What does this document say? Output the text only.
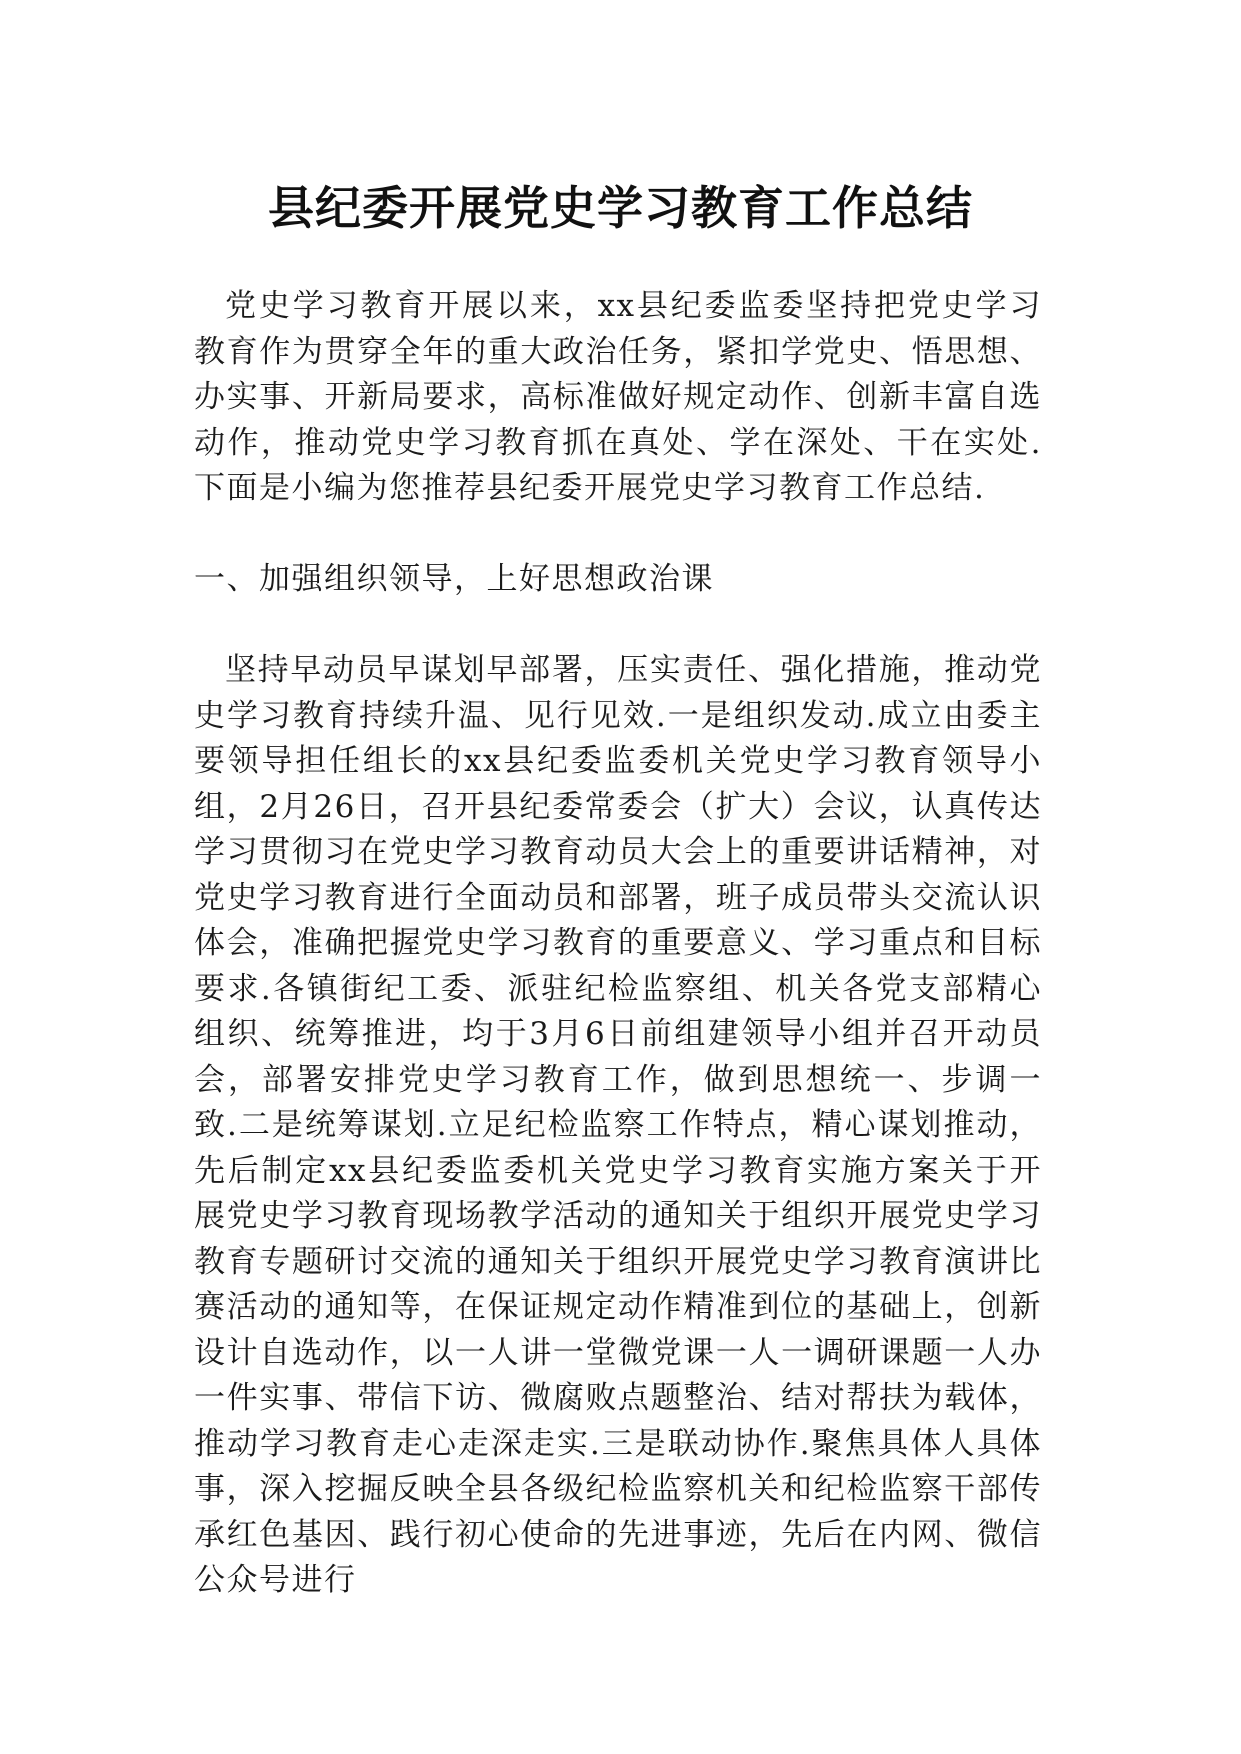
县纪委开展党史学习教育工作总结

党史学习教育开展以来，xx县纪委监委坚持把党史学习教育作为贯穿全年的重大政治任务，紧扣学党史、悟思想、办实事、开新局要求，高标准做好规定动作、创新丰富自选动作，推动党史学习教育抓在真处、学在深处、干在实处.下面是小编为您推荐县纪委开展党史学习教育工作总结.

一、加强组织领导，上好思想政治课

坚持早动员早谋划早部署，压实责任、强化措施，推动党史学习教育持续升温、见行见效.一是组织发动.成立由委主要领导担任组长的xx县纪委监委机关党史学习教育领导小组，2月26日，召开县纪委常委会（扩大）会议，认真传达学习贯彻习在党史学习教育动员大会上的重要讲话精神，对党史学习教育进行全面动员和部署，班子成员带头交流认识体会，准确把握党史学习教育的重要意义、学习重点和目标要求.各镇街纪工委、派驻纪检监察组、机关各党支部精心组织、统筹推进，均于3月6日前组建领导小组并召开动员会，部署安排党史学习教育工作，做到思想统一、步调一致.二是统筹谋划.立足纪检监察工作特点，精心谋划推动，先后制定xx县纪委监委机关党史学习教育实施方案关于开展党史学习教育现场教学活动的通知关于组织开展党史学习教育专题研讨交流的通知关于组织开展党史学习教育演讲比赛活动的通知等，在保证规定动作精准到位的基础上，创新设计自选动作，以一人讲一堂微党课一人一调研课题一人办一件实事、带信下访、微腐败点题整治、结对帮扶为载体，推动学习教育走心走深走实.三是联动协作.聚焦具体人具体事，深入挖掘反映全县各级纪检监察机关和纪检监察干部传承红色基因、践行初心使命的先进事迹，先后在内网、微信公众号进行
